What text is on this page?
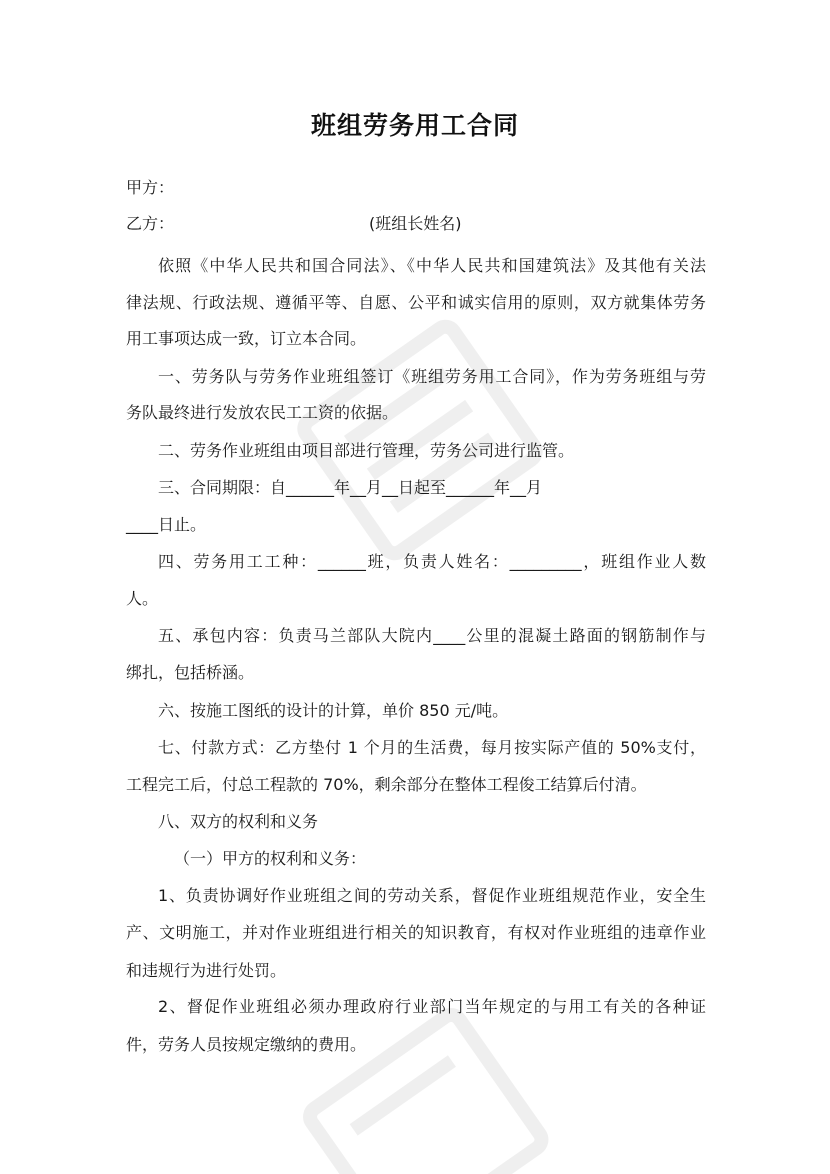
班组劳务用工合同
甲方：
乙方：	(班组长姓名)
依照《中华人民共和国合同法》、《中华人民共和国建筑法》及其他有关法
律法规、行政法规、遵循平等、自愿、公平和诚实信用的原则，双方就集体劳务
用工事项达成一致，订立本合同。
一、劳务队与劳务作业班组签订《班组劳务用工合同》，作为劳务班组与劳
务队最终进行发放农民工工资的依据。
二、劳务作业班组由项目部进行管理，劳务公司进行监管。
三、合同期限：自______年__月__日起至______年__月
____日止。
四、劳务用工工种：______班，负责人姓名：_________，班组作业人数
人。
五、承包内容：负责马兰部队大院内____公里的混凝土路面的钢筋制作与
绑扎，包括桥涵。
六、按施工图纸的设计的计算，单价 850 元/吨。
七、付款方式：乙方垫付 1 个月的生活费，每月按实际产值的 50%支付，
工程完工后，付总工程款的 70%，剩余部分在整体工程俊工结算后付清。
八、双方的权利和义务
（一）甲方的权利和义务：
1、负责协调好作业班组之间的劳动关系，督促作业班组规范作业，安全生
产、文明施工，并对作业班组进行相关的知识教育，有权对作业班组的违章作业
和违规行为进行处罚。
2、督促作业班组必须办理政府行业部门当年规定的与用工有关的各种证
件，劳务人员按规定缴纳的费用。
